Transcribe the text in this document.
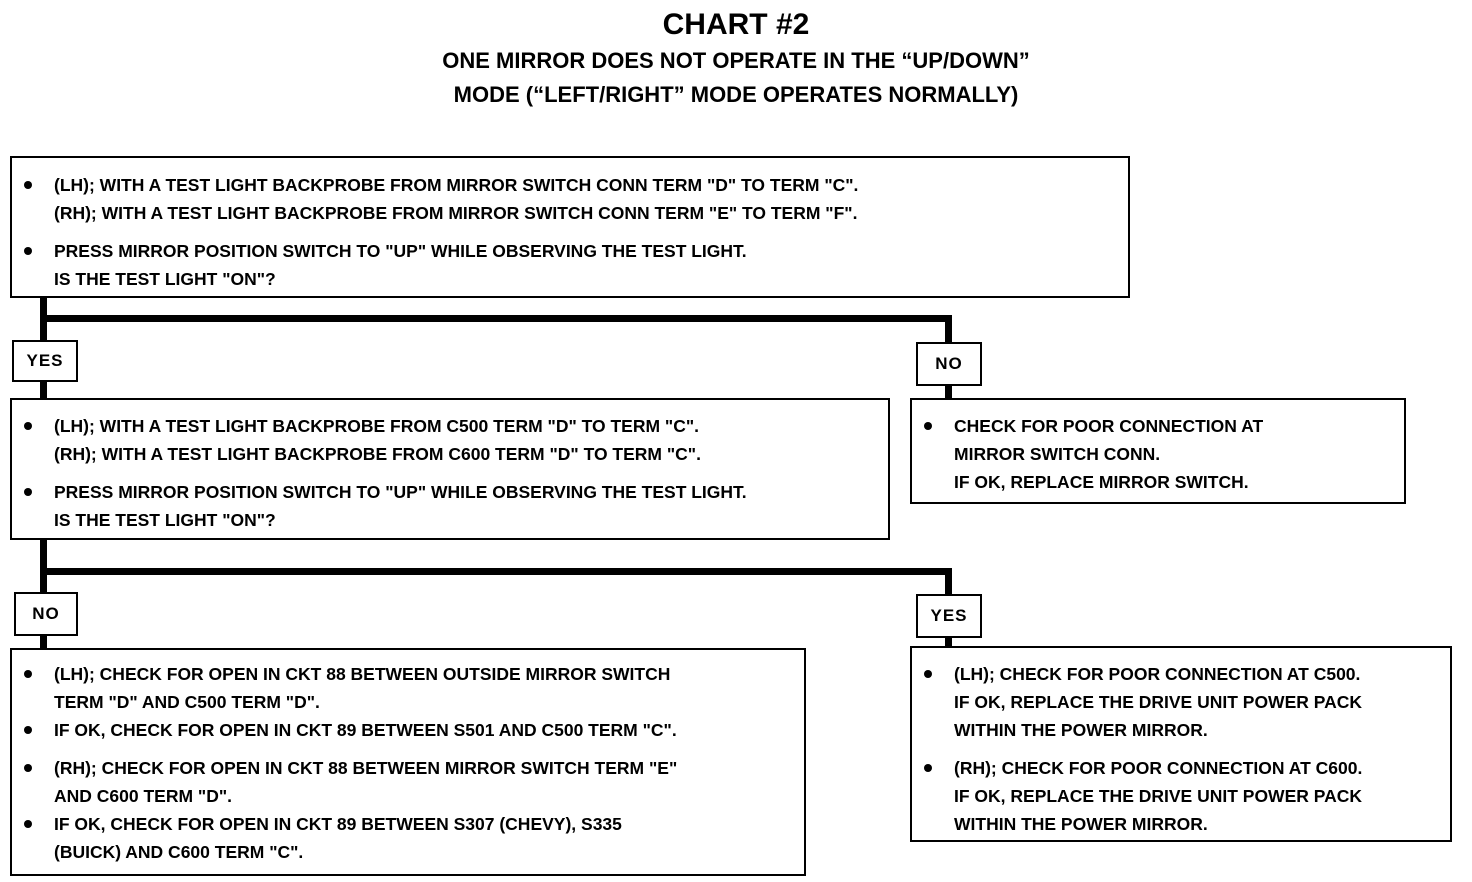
CHART #2
ONE MIRROR DOES NOT OPERATE IN THE “UP/DOWN”
MODE (“LEFT/RIGHT” MODE OPERATES NORMALLY)
(LH); WITH A TEST LIGHT BACKPROBE FROM MIRROR SWITCH CONN TERM "D" TO TERM "C".
(RH); WITH A TEST LIGHT BACKPROBE FROM MIRROR SWITCH CONN TERM "E" TO TERM "F".
PRESS MIRROR POSITION SWITCH TO "UP" WHILE OBSERVING THE TEST LIGHT.
IS THE TEST LIGHT "ON"?
YES	NO
(LH); WITH A TEST LIGHT BACKPROBE FROM C500 TERM "D" TO TERM "C".
(RH); WITH A TEST LIGHT BACKPROBE FROM C600 TERM "D" TO TERM "C".
PRESS MIRROR POSITION SWITCH TO "UP" WHILE OBSERVING THE TEST LIGHT.
IS THE TEST LIGHT "ON"?
CHECK FOR POOR CONNECTION AT
MIRROR SWITCH CONN.
IF OK, REPLACE MIRROR SWITCH.
NO	YES
(LH); CHECK FOR OPEN IN CKT 88 BETWEEN OUTSIDE MIRROR SWITCH
TERM "D" AND C500 TERM "D".
IF OK, CHECK FOR OPEN IN CKT 89 BETWEEN S501 AND C500 TERM "C".
(RH); CHECK FOR OPEN IN CKT 88 BETWEEN MIRROR SWITCH TERM "E"
AND C600 TERM "D".
IF OK, CHECK FOR OPEN IN CKT 89 BETWEEN S307 (CHEVY), S335
(BUICK) AND C600 TERM "C".
(LH); CHECK FOR POOR CONNECTION AT C500.
IF OK, REPLACE THE DRIVE UNIT POWER PACK
WITHIN THE POWER MIRROR.
(RH); CHECK FOR POOR CONNECTION AT C600.
IF OK, REPLACE THE DRIVE UNIT POWER PACK
WITHIN THE POWER MIRROR.
